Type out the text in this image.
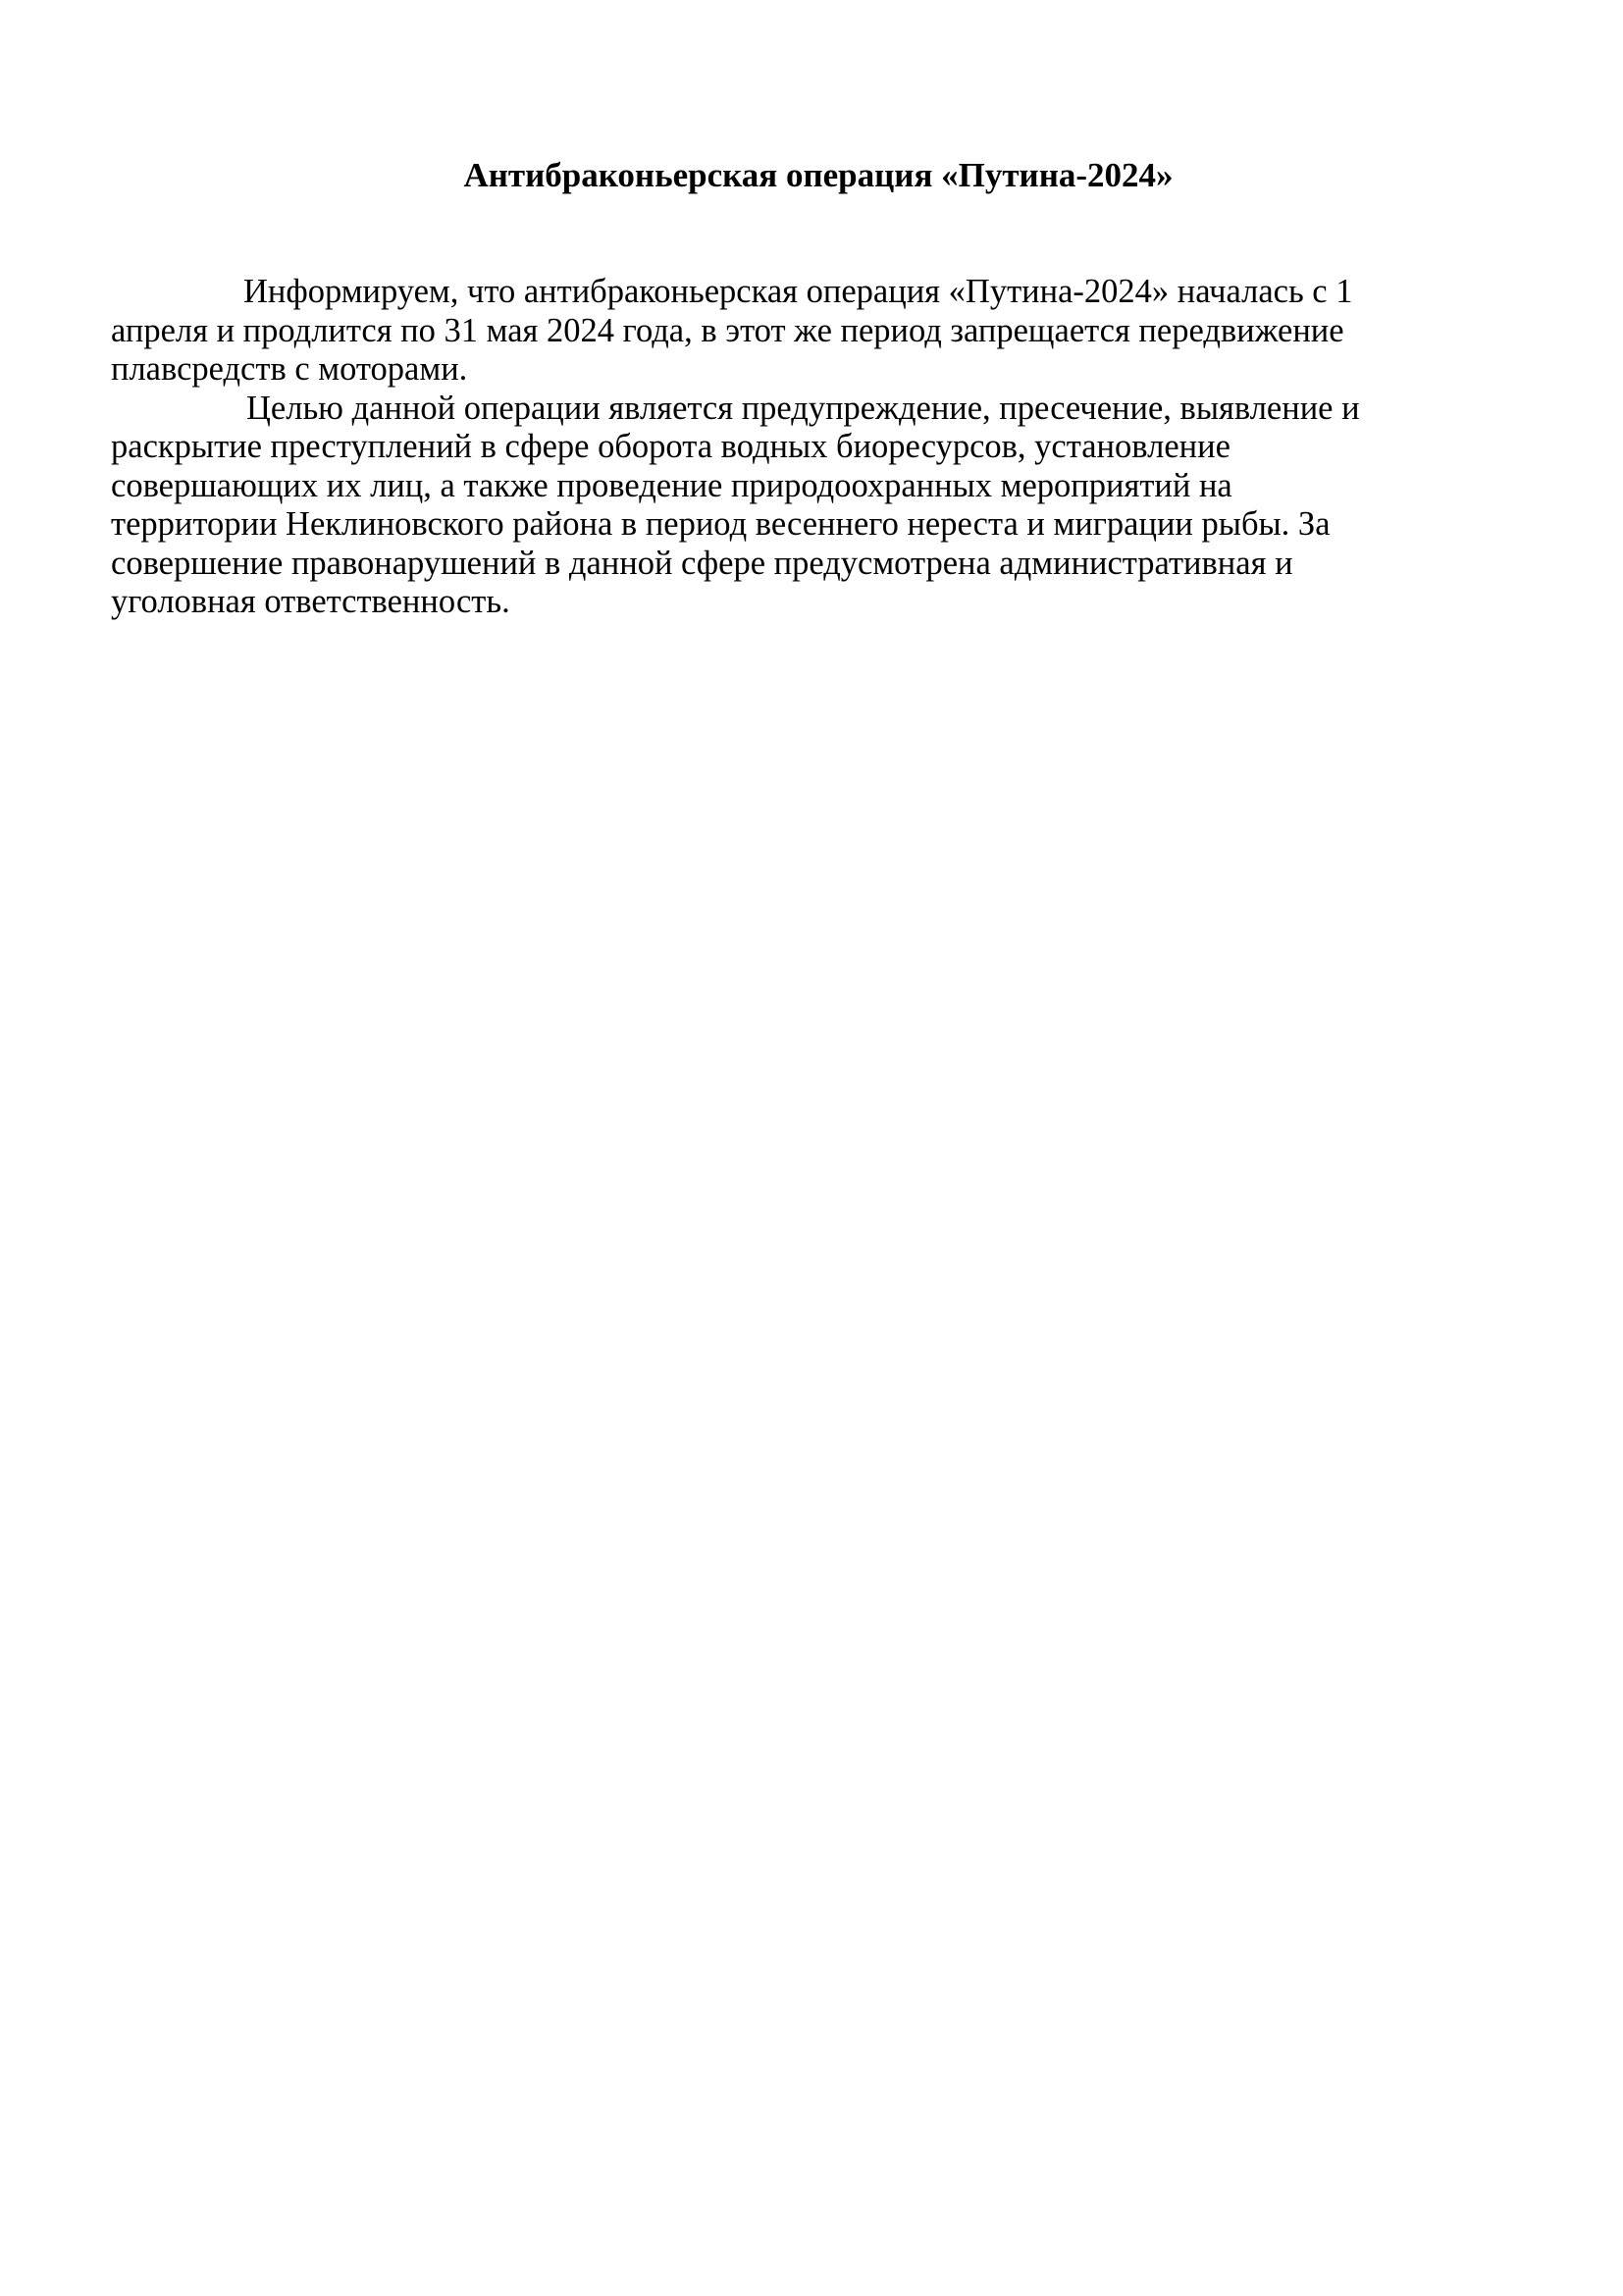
Антибраконьерская операция «Путина-2024»

Информируем, что антибраконьерская операция «Путина-2024» началась с 1
апреля и продлится по 31 мая 2024 года, в этот же период запрещается передвижение
плавсредств с моторами.

Целью данной операции является предупреждение, пресечение, выявление и
раскрытие преступлений в сфере оборота водных биоресурсов, установление
совершающих их лиц, а также проведение природоохранных мероприятий на
территории Неклиновского района в период весеннего нереста и миграции рыбы. За
совершение правонарушений в данной сфере предусмотрена административная и
уголовная ответственность.
